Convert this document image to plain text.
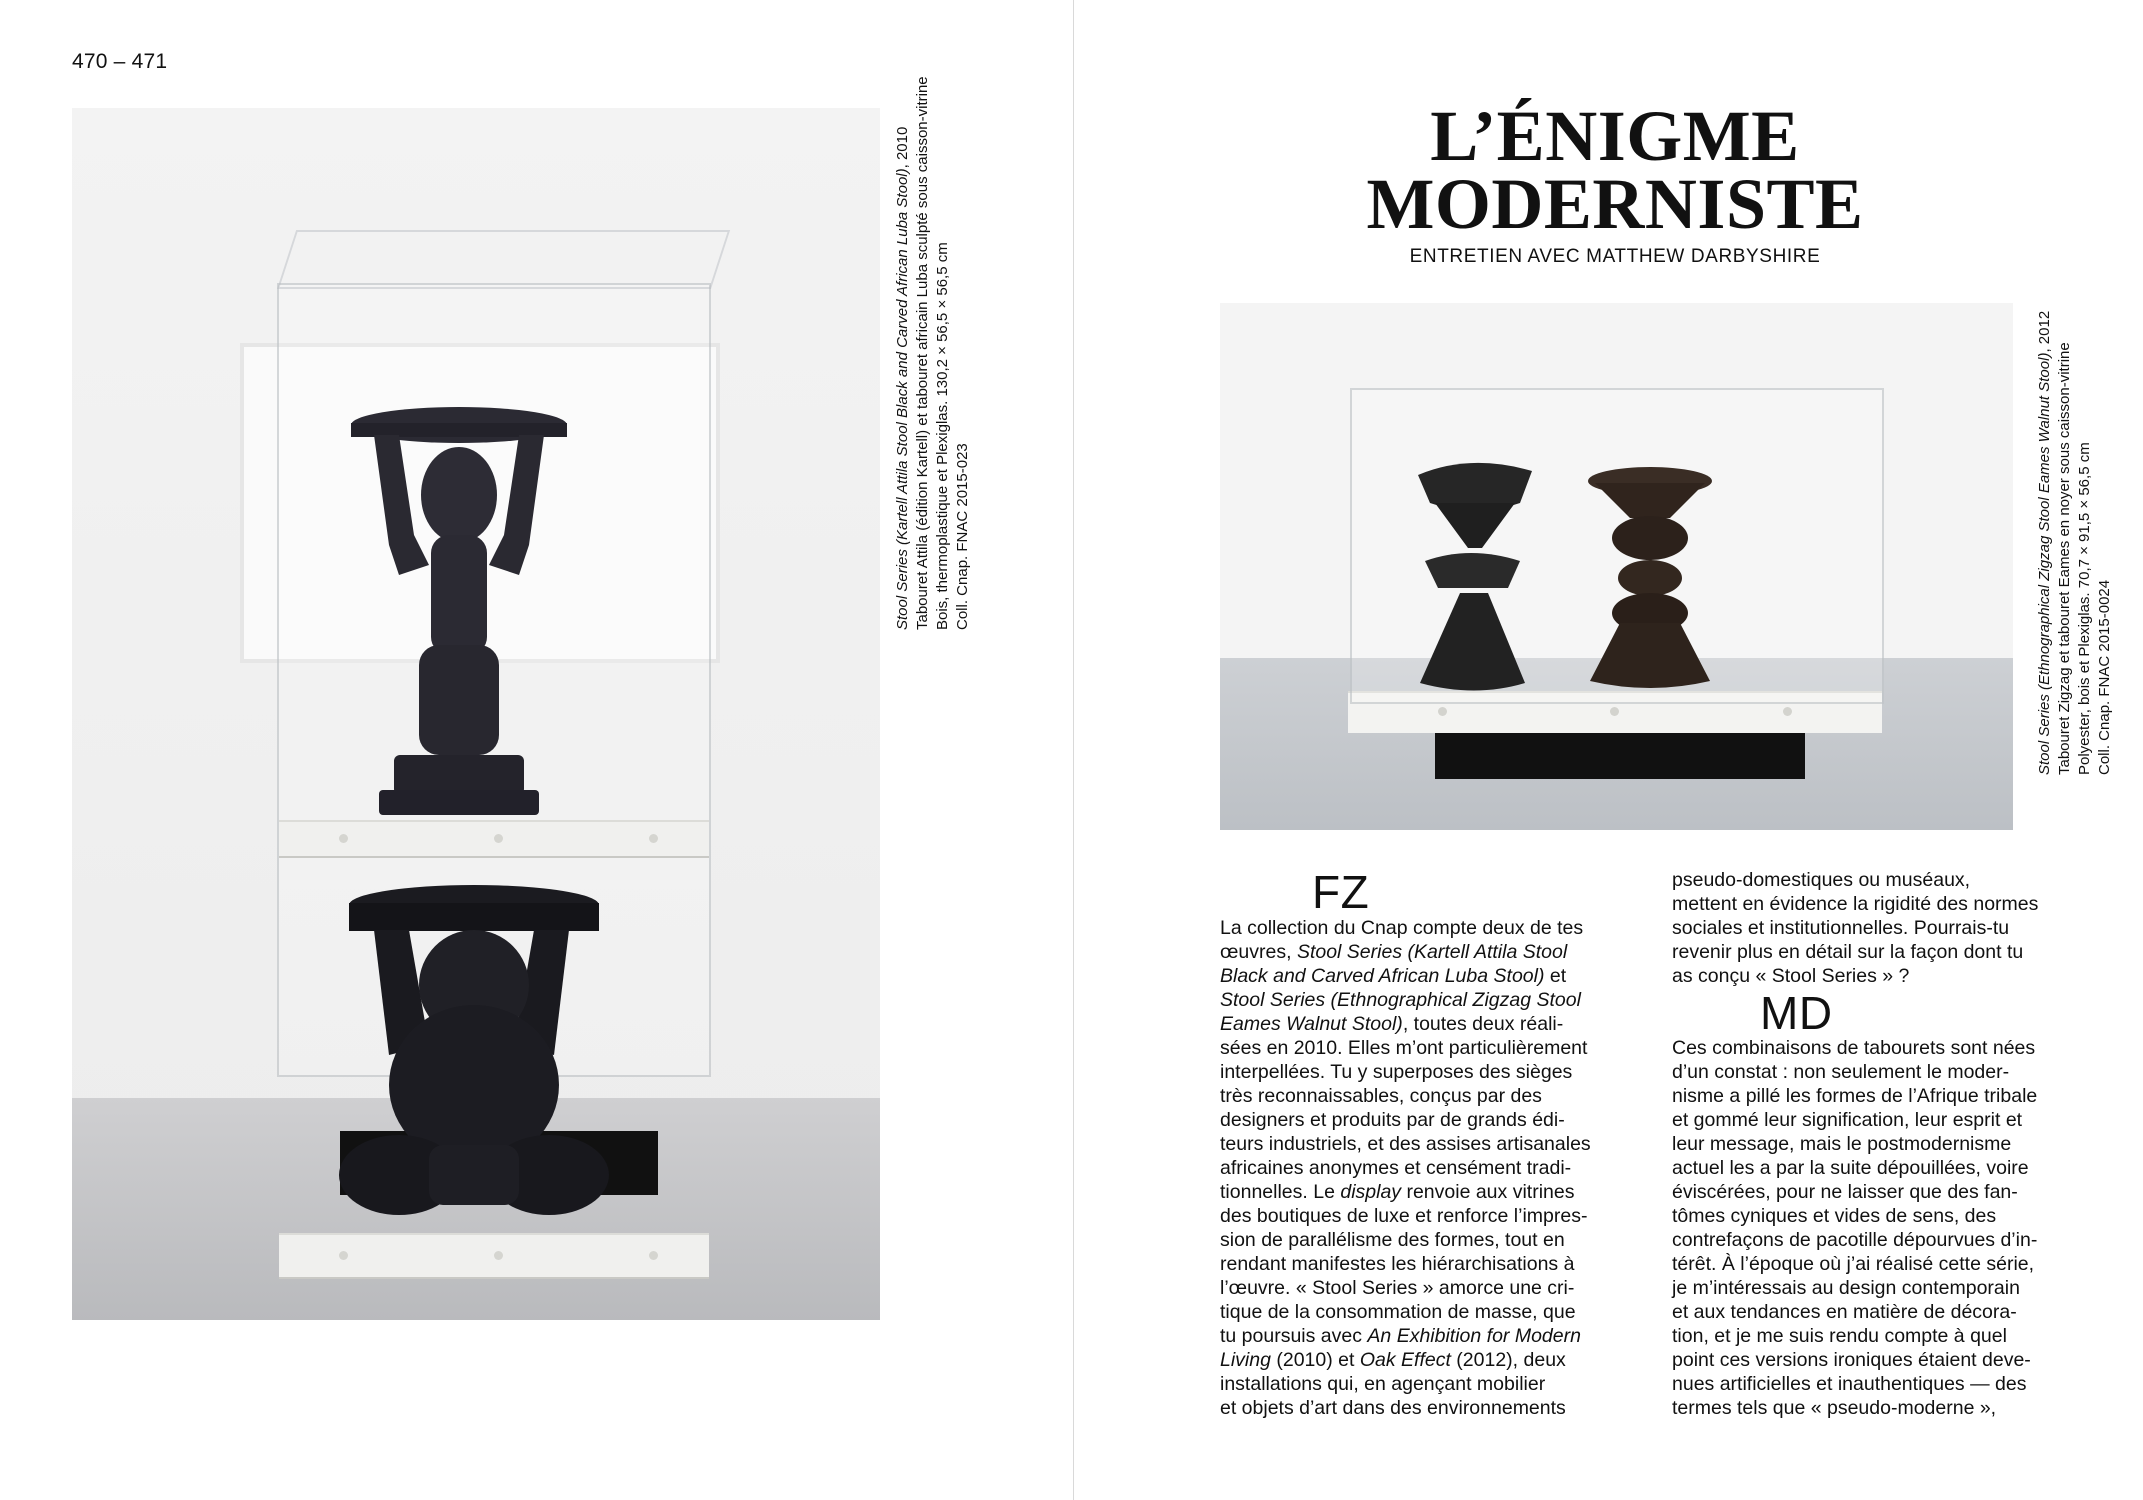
470 – 471
Stool Series (Kartell Attila Stool Black and Carved African Luba Stool), 2010 Tabouret Attila (édition Kartell) et tabouret africain Luba sculpté sous caisson-vitrine Bois, thermoplastique et Plexiglas. 130,2 × 56,5 × 56,5 cm Coll. Cnap. FNAC 2015-023
L’ÉNIGME
MODERNISTE
ENTRETIEN AVEC MATTHEW DARBYSHIRE
Stool Series (Ethnographical Zigzag Stool Eames Walnut Stool), 2012
Tabouret Zigzag et tabouret Eames en noyer sous caisson-vitrine Polyester, bois et Plexiglas. 70,7 × 91,5 × 56,5 cm Coll. Cnap. FNAC 2015-0024
FZ
MD
La collection du Cnap compte deux de tes
œuvres, Stool Series (Kartell Attila Stool
Black and Carved African Luba Stool) et
Stool Series (Ethnographical Zigzag Stool
Eames Walnut Stool), toutes deux réali-
sées en 2010. Elles m’ont particulièrement
interpellées. Tu y superposes des sièges
très reconnaissables, conçus par des
designers et produits par de grands édi-
teurs industriels, et des assises artisanales
africaines anonymes et censément tradi-
tionnelles. Le display renvoie aux vitrines
des boutiques de luxe et renforce l’impres-
sion de parallélisme des formes, tout en
rendant manifestes les hiérarchisations à
l’œuvre. « Stool Series » amorce une cri-
tique de la consommation de masse, que
tu poursuis avec An Exhibition for Modern
Living (2010) et Oak Effect (2012), deux
installations qui, en agençant mobilier
et objets d’art dans des environnements
pseudo-domestiques ou muséaux,
mettent en évidence la rigidité des normes
sociales et institutionnelles. Pourrais-tu
revenir plus en détail sur la façon dont tu
as conçu « Stool Series » ?
Ces combinaisons de tabourets sont nées
d’un constat : non seulement le moder-
nisme a pillé les formes de l’Afrique tribale
et gommé leur signification, leur esprit et
leur message, mais le postmodernisme
actuel les a par la suite dépouillées, voire
éviscérées, pour ne laisser que des fan-
tômes cyniques et vides de sens, des
contrefaçons de pacotille dépourvues d’in-
térêt. À l’époque où j’ai réalisé cette série,
je m’intéressais au design contemporain
et aux tendances en matière de décora-
tion, et je me suis rendu compte à quel
point ces versions ironiques étaient deve-
nues artificielles et inauthentiques — des
termes tels que « pseudo-moderne »,
